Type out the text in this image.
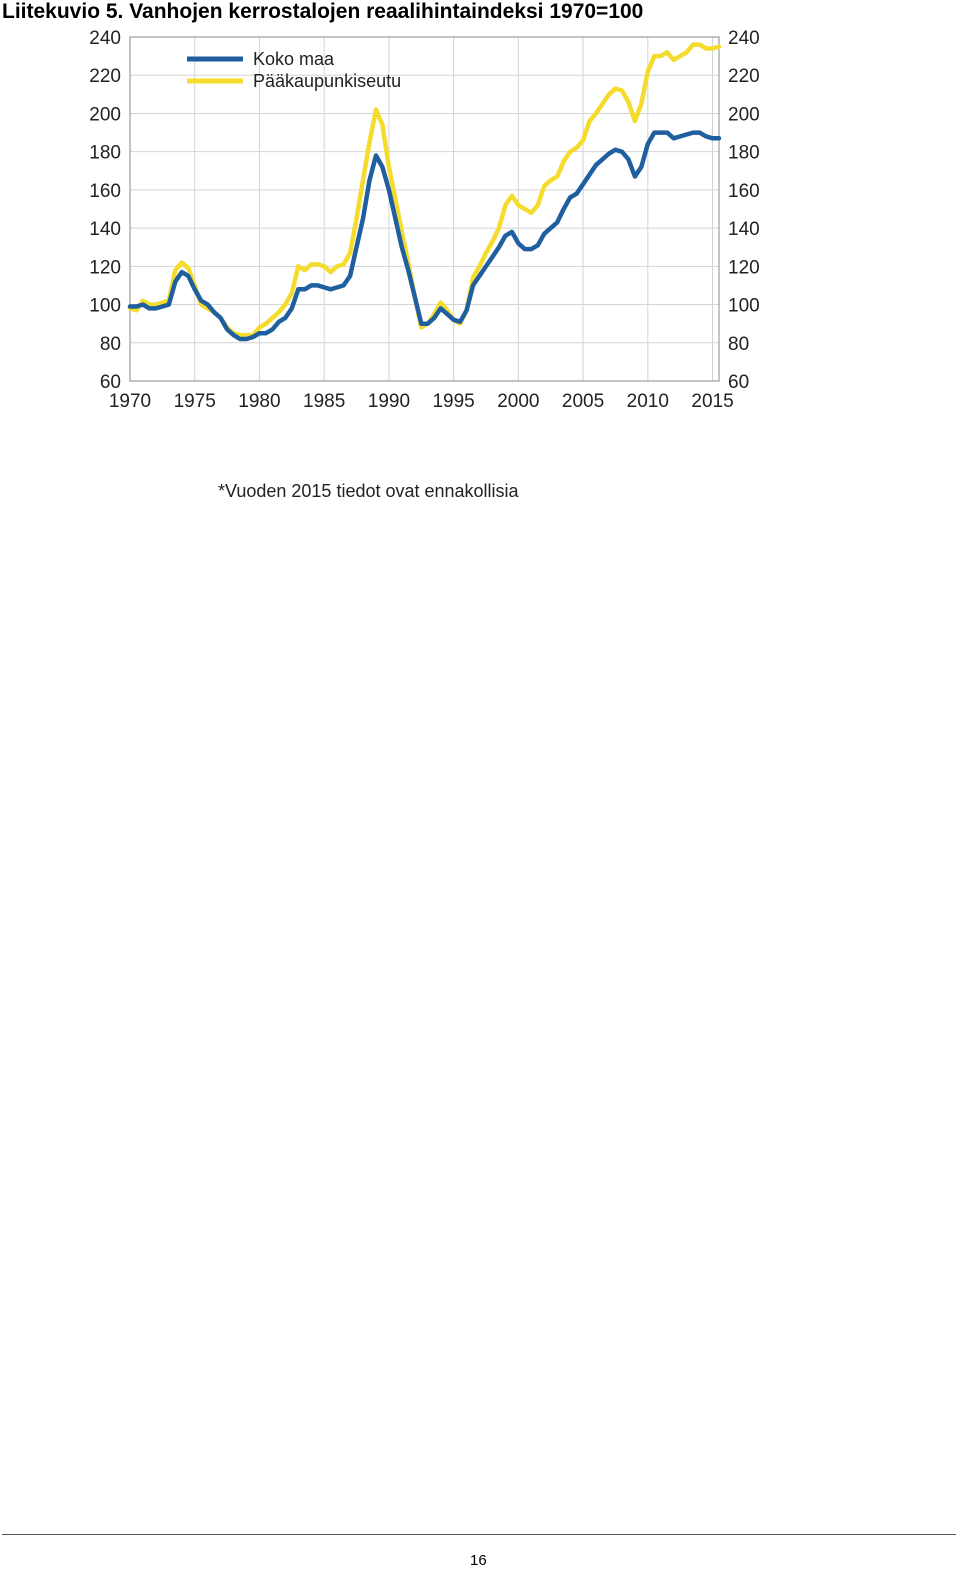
Liitekuvio 5. Vanhojen kerrostalojen reaalihintaindeksi 1970=100
60	60
80	80
100	100
120	120
140	140
160	160
180	180
200	200
220	220
240	240
1970 1975 1980 1985 1990 1995 2000 2005 2010 2015
Koko maa
Pääkaupunkiseutu
*Vuoden 2015 tiedot ovat ennakollisia
16
